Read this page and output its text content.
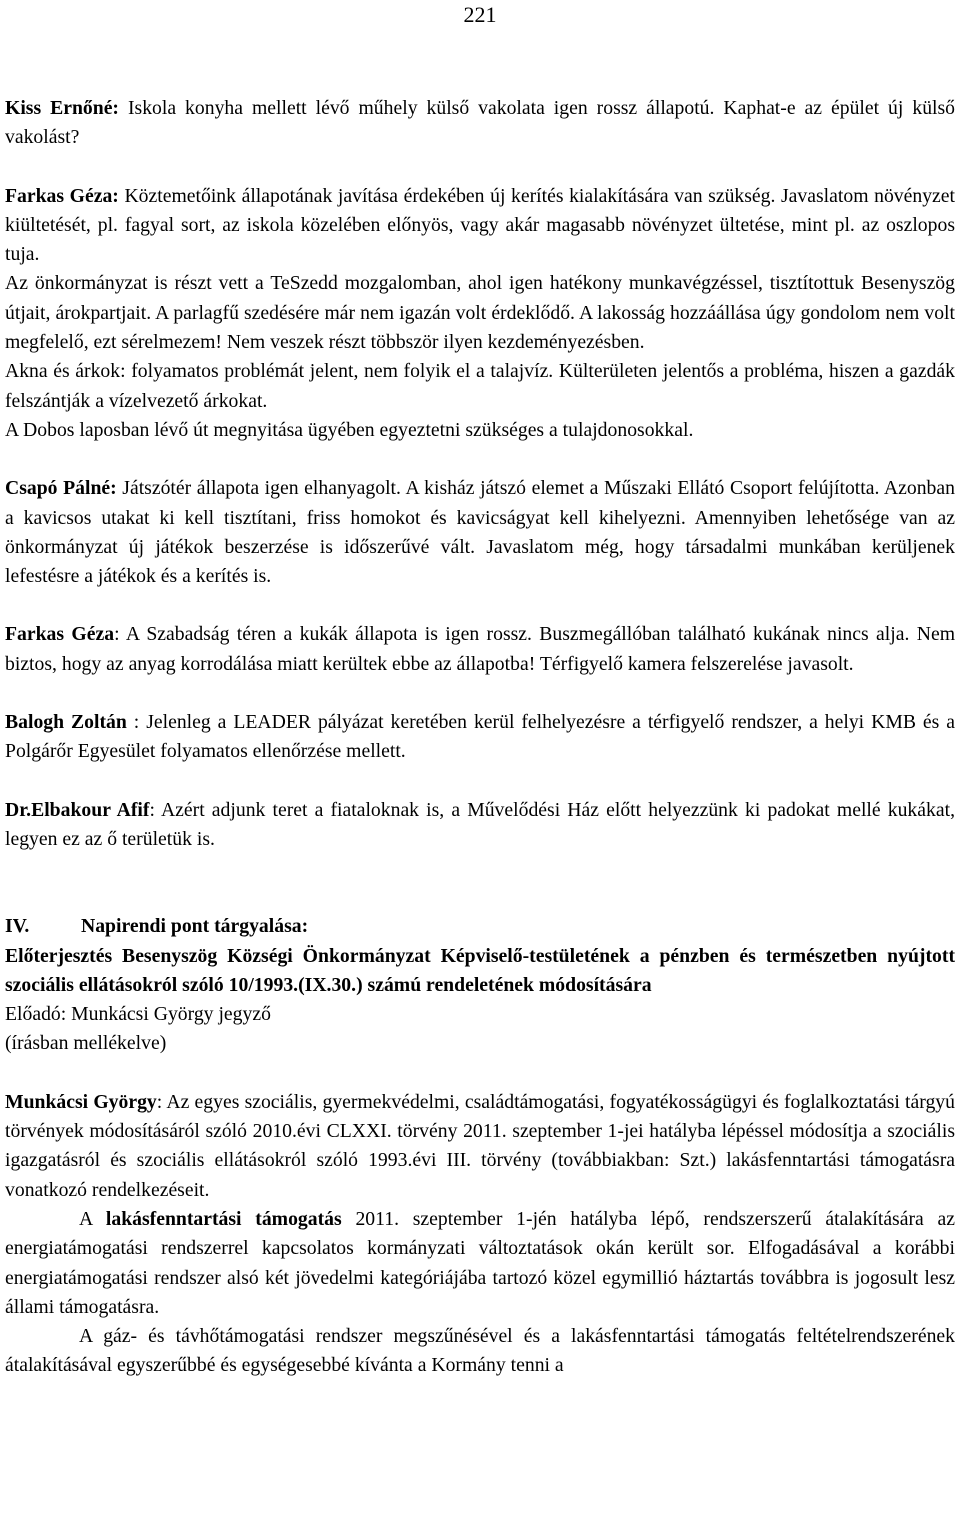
221

Kiss Ernőné: Iskola konyha mellett lévő műhely külső vakolata igen rossz állapotú. Kaphat-e az épület új külső vakolást?

Farkas Géza: Köztemetőink állapotának javítása érdekében új kerítés kialakítására van szükség. Javaslatom növényzet kiültetését, pl. fagyal sort, az iskola közelében előnyös, vagy akár magasabb növényzet ültetése, mint pl. az oszlopos tuja.

Az önkormányzat is részt vett a TeSzedd mozgalomban, ahol igen hatékony munkavégzéssel, tisztítottuk Besenyszög útjait, árokpartjait. A parlagfű szedésére már nem igazán volt érdeklődő. A lakosság hozzáállása úgy gondolom nem volt megfelelő, ezt sérelmezem! Nem veszek részt többször ilyen kezdeményezésben.

Akna és árkok: folyamatos problémát jelent, nem folyik el a talajvíz. Külterületen jelentős a probléma, hiszen a gazdák felszántják a vízelvezető árkokat.

A Dobos laposban lévő út megnyitása ügyében egyeztetni szükséges a tulajdonosokkal.

Csapó Pálné: Játszótér állapota igen elhanyagolt. A kisház játszó elemet a Műszaki Ellátó Csoport felújította. Azonban a kavicsos utakat ki kell tisztítani, friss homokot és kavicságyat kell kihelyezni. Amennyiben lehetősége van az önkormányzat új játékok beszerzése is időszerűvé vált. Javaslatom még, hogy társadalmi munkában kerüljenek lefestésre a játékok és a kerítés is.

Farkas Géza: A Szabadság téren a kukák állapota is igen rossz. Buszmegállóban található kukának nincs alja. Nem biztos, hogy az anyag korrodálása miatt kerültek ebbe az állapotba! Térfigyelő kamera felszerelése javasolt.

Balogh Zoltán : Jelenleg a LEADER pályázat keretében kerül felhelyezésre a térfigyelő rendszer, a helyi KMB és a Polgárőr Egyesület folyamatos ellenőrzése mellett.

Dr.Elbakour Afif: Azért adjunk teret a fiataloknak is, a Művelődési Ház előtt helyezzünk ki padokat mellé kukákat, legyen ez az ő területük is.

IV.	Napirendi pont tárgyalása:

Előterjesztés Besenyszög Községi Önkormányzat Képviselő-testületének a pénzben és természetben nyújtott szociális ellátásokról szóló 10/1993.(IX.30.) számú rendeletének módosítására

Előadó: Munkácsi György jegyző

(írásban mellékelve)

Munkácsi György: Az egyes szociális, gyermekvédelmi, családtámogatási, fogyatékosságügyi és foglalkoztatási tárgyú törvények módosításáról szóló 2010.évi CLXXI. törvény 2011. szeptember 1-jei hatályba lépéssel módosítja a szociális igazgatásról és szociális ellátásokról szóló 1993.évi III. törvény (továbbiakban: Szt.) lakásfenntartási támogatásra vonatkozó rendelkezéseit.

A lakásfenntartási támogatás 2011. szeptember 1-jén hatályba lépő, rendszerszerű átalakítására az energiatámogatási rendszerrel kapcsolatos kormányzati változtatások okán került sor. Elfogadásával a korábbi energiatámogatási rendszer alsó két jövedelmi kategóriájába tartozó közel egymillió háztartás továbbra is jogosult lesz állami támogatásra.

A gáz- és távhőtámogatási rendszer megszűnésével és a lakásfenntartási támogatás feltételrendszerének átalakításával egyszerűbbé és egységesebbé kívánta a Kormány tenni a
